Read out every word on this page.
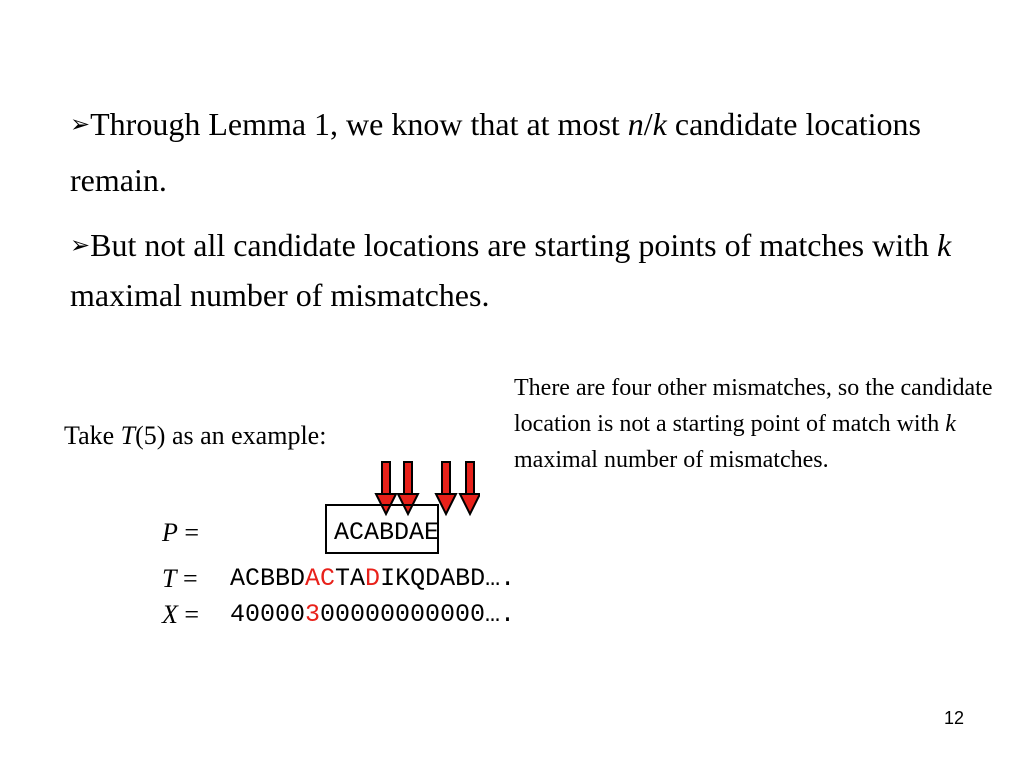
➢Through Lemma 1, we know that at most n/k candidate locations remain.
➢But not all candidate locations are starting points of matches with k maximal number of mismatches.
There are four other mismatches, so the candidate location is not a starting point of match with k maximal number of mismatches.
Take T(5) as an example:
P =	ACABDAE
T = ACBBDACTADIKQDABD….
X = 40000300000000000….
12
